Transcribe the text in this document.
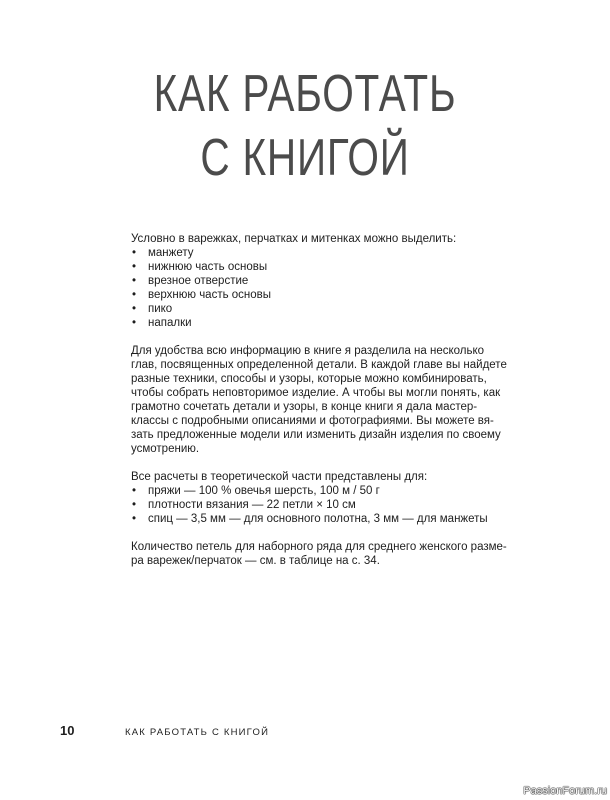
КАК РАБОТАТЬ
С КНИГОЙ

Условно в варежках, перчатках и митенках можно выделить:

• манжету
• нижнюю часть основы
• врезное отверстие
• верхнюю часть основы
• пико
• напалки

Для удобства всю информацию в книге я разделила на несколько

глав, посвященных определенной детали. В каждой главе вы найдете

разные техники, способы и узоры, которые можно комбинировать,

чтобы собрать неповторимое изделие. А чтобы вы могли понять, как

грамотно сочетать детали и узоры, в конце книги я дала мастер-

классы с подробными описаниями и фотографиями. Вы можете вя-

зать предложенные модели или изменить дизайн изделия по своему

усмотрению.

Все расчеты в теоретической части представлены для:

• пряжи — 100 % овечья шерсть, 100 м / 50 г
• плотности вязания — 22 петли × 10 см
• спиц — 3,5 мм — для основного полотна, 3 мм — для манжеты

Количество петель для наборного ряда для среднего женского разме-

ра варежек/перчаток — см. в таблице на с. 34.

10	КАК РАБОТАТЬ С КНИГОЙ
PassionForum.ru
